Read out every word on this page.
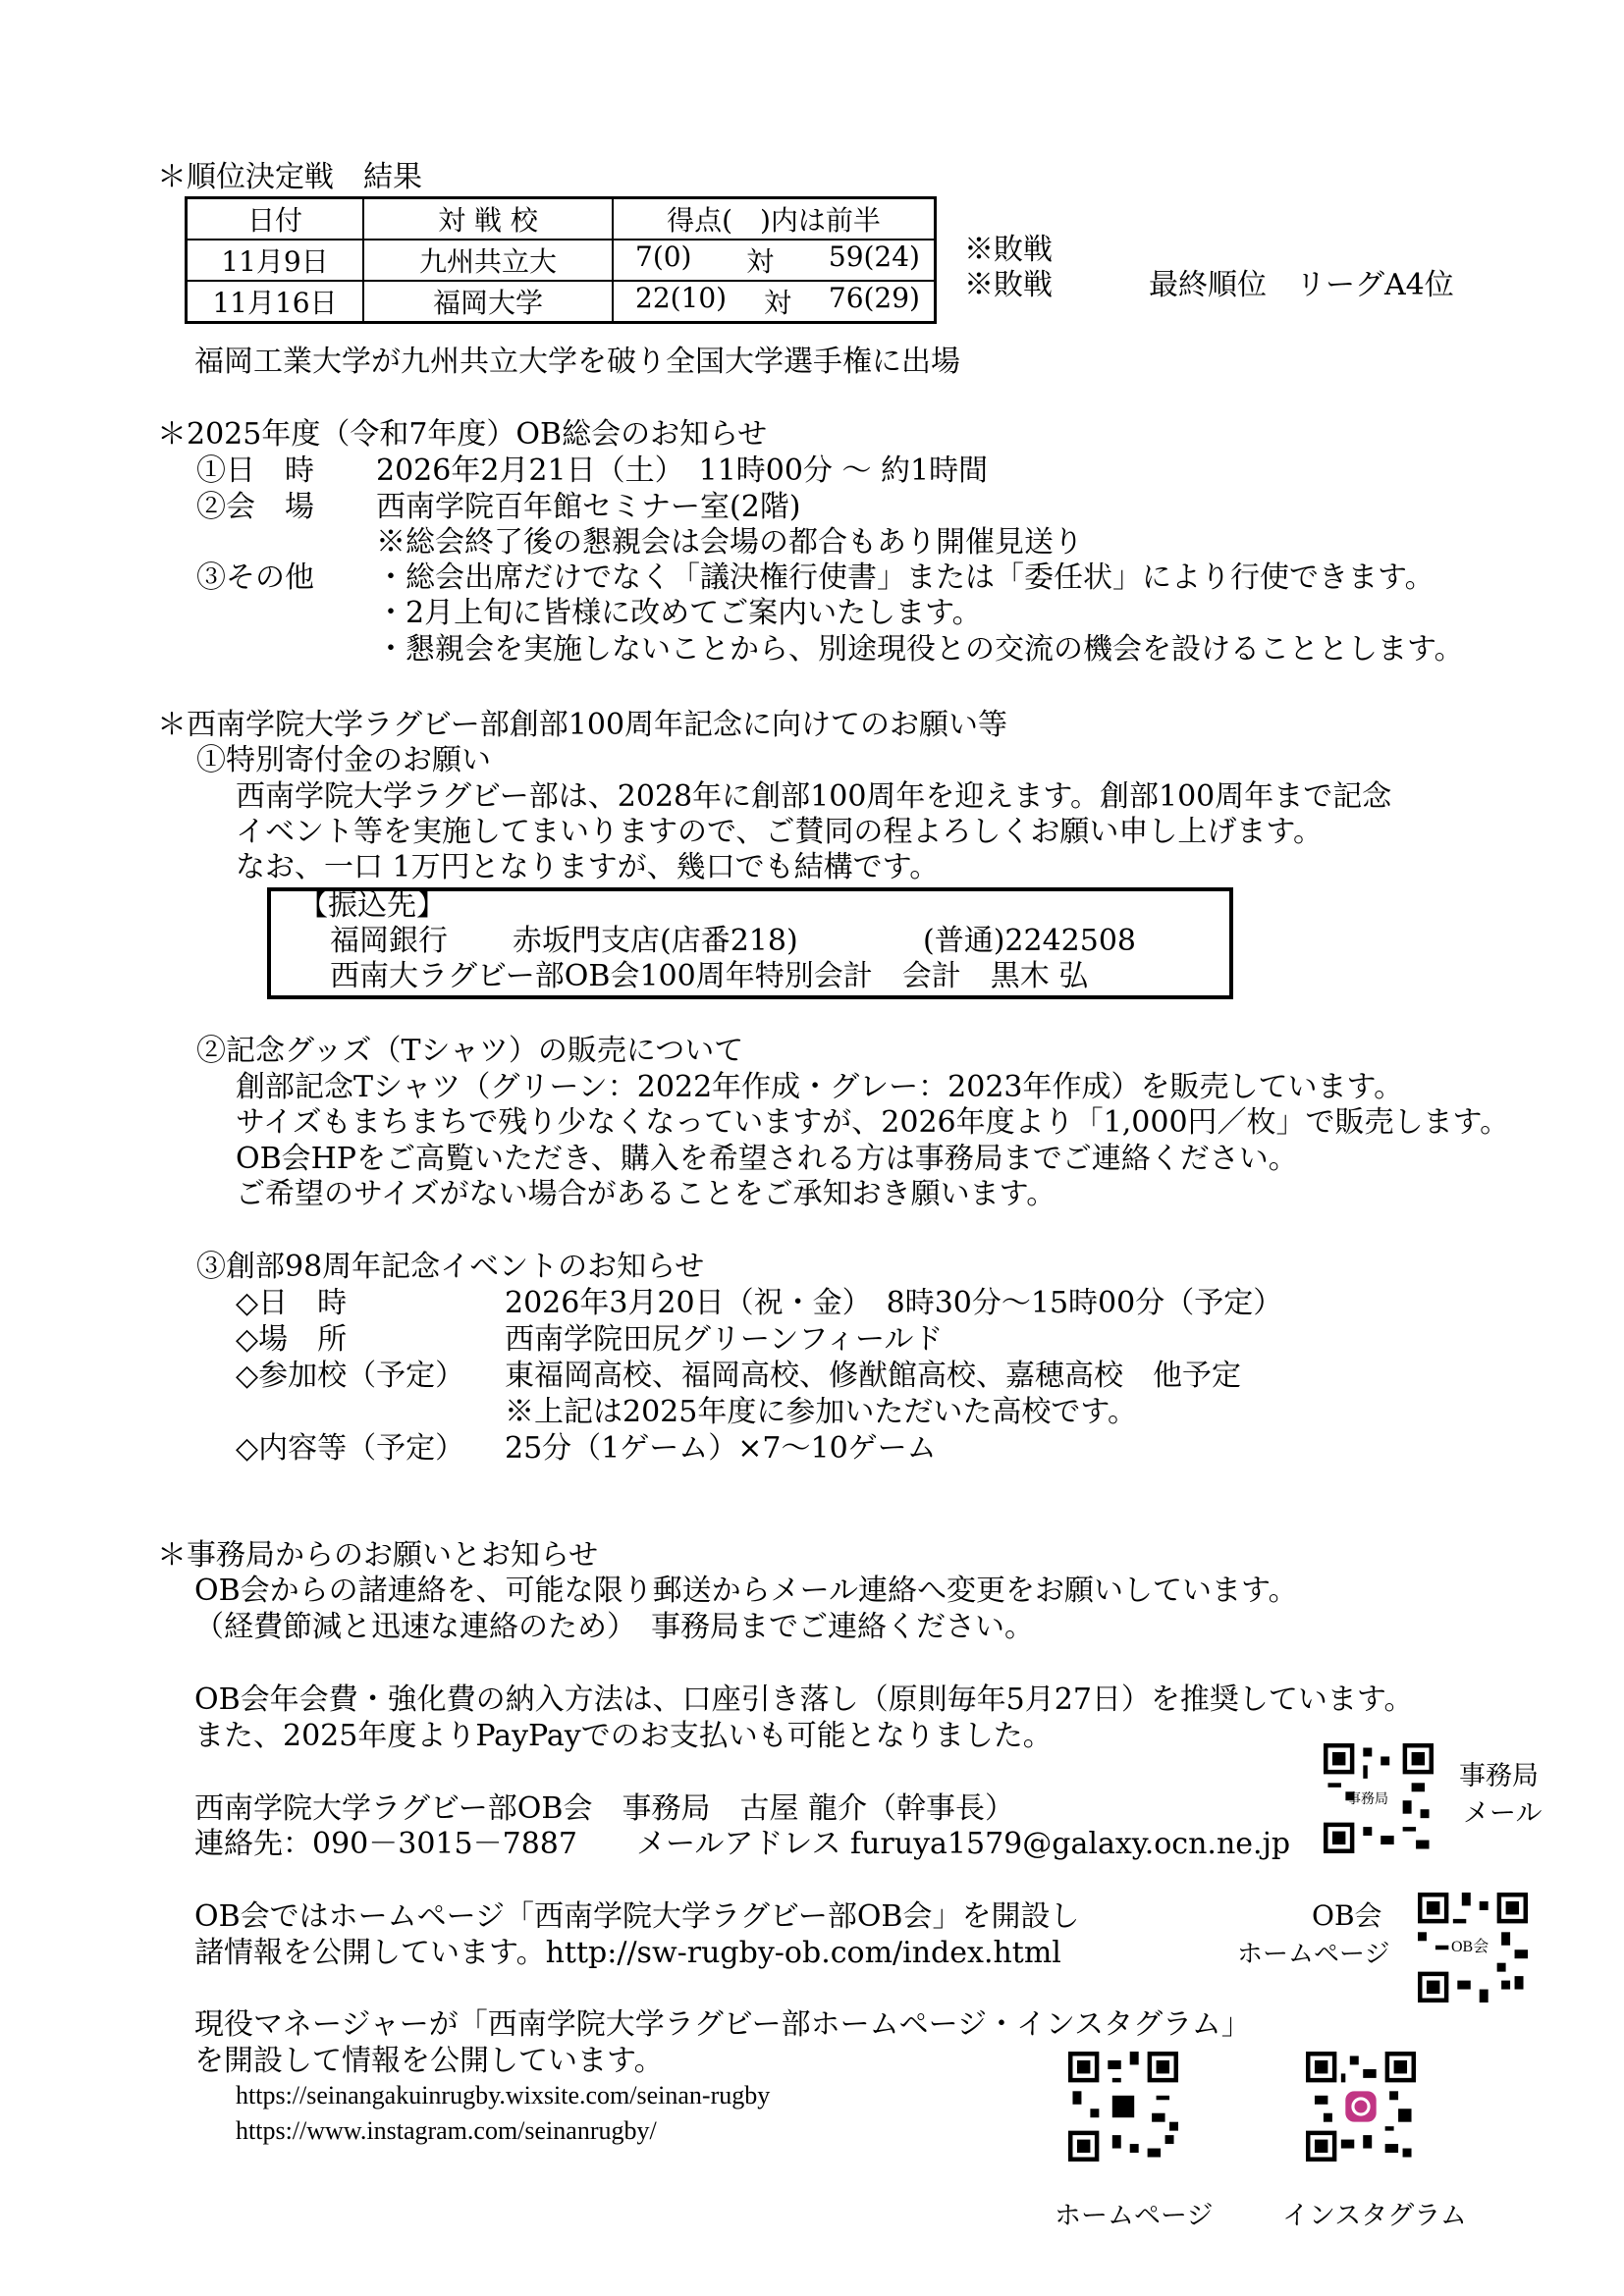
＊順位決定戦　結果
日付	対 戦 校	得点(　)内は前半
11月9日	九州共立大	7(0) 対 59(24)

11月16日	福岡大学	22(10) 対 76(29)
※敗戦
※敗戦	最終順位　リーグA4位
福岡工業大学が九州共立大学を破り全国大学選手権に出場
＊2025年度（令和7年度）OB総会のお知らせ
①日　時 2026年2月21日（土）　11時00分 ～ 約1時間
②会　場 西南学院百年館セミナー室(2階)
※総会終了後の懇親会は会場の都合もあり開催見送り
③その他 ・総会出席だけでなく「議決権行使書」または「委任状」により行使できます。
・2月上旬に皆様に改めてご案内いたします。
・懇親会を実施しないことから、別途現役との交流の機会を設けることとします。
＊西南学院大学ラグビー部創部100周年記念に向けてのお願い等
①特別寄付金のお願い
西南学院大学ラグビー部は、2028年に創部100周年を迎えます。創部100周年まで記念
イベント等を実施してまいりますので、ご賛同の程よろしくお願い申し上げます。
なお、一口 1万円となりますが、幾口でも結構です。
【振込先】
福岡銀行 赤坂門支店(店番218)	(普通)2242508
西南大ラグビー部OB会100周年特別会計　会計　黒木 弘
②記念グッズ（Tシャツ）の販売について
創部記念Tシャツ（グリーン：2022年作成・グレー：2023年作成）を販売しています。
サイズもまちまちで残り少なくなっていますが、2026年度より「1,000円／枚」で販売します。
OB会HPをご高覧いただき、購入を希望される方は事務局までご連絡ください。
ご希望のサイズがない場合があることをご承知おき願います。
③創部98周年記念イベントのお知らせ
◇日　時	2026年3月20日（祝・金）　8時30分～15時00分（予定）
◇場　所	西南学院田尻グリーンフィールド
◇参加校（予定） 東福岡高校、福岡高校、修猷館高校、嘉穂高校　他予定
※上記は2025年度に参加いただいた高校です。
◇内容等（予定） 25分（1ゲーム）×7～10ゲーム
＊事務局からのお願いとお知らせ
OB会からの諸連絡を、可能な限り郵送からメール連絡へ変更をお願いしています。
（経費節減と迅速な連絡のため）　事務局までご連絡ください。
OB会年会費・強化費の納入方法は、口座引き落し（原則毎年5月27日）を推奨しています。
また、2025年度よりPayPayでのお支払いも可能となりました。
西南学院大学ラグビー部OB会　事務局　古屋 龍介（幹事長）
連絡先：090－3015－7887　　メールアドレス furuya1579@galaxy.ocn.ne.jp
OB会ではホームページ「西南学院大学ラグビー部OB会」を開設し
諸情報を公開しています。http://sw-rugby-ob.com/index.html
現役マネージャーが「西南学院大学ラグビー部ホームページ・インスタグラム」
を開設して情報を公開しています。
https://seinangakuinrugby.wixsite.com/seinan-rugby
https://www.instagram.com/seinanrugby/
事務局
事務局
メール
OB会
OB会
ホームページ
ホームページ	インスタグラム
